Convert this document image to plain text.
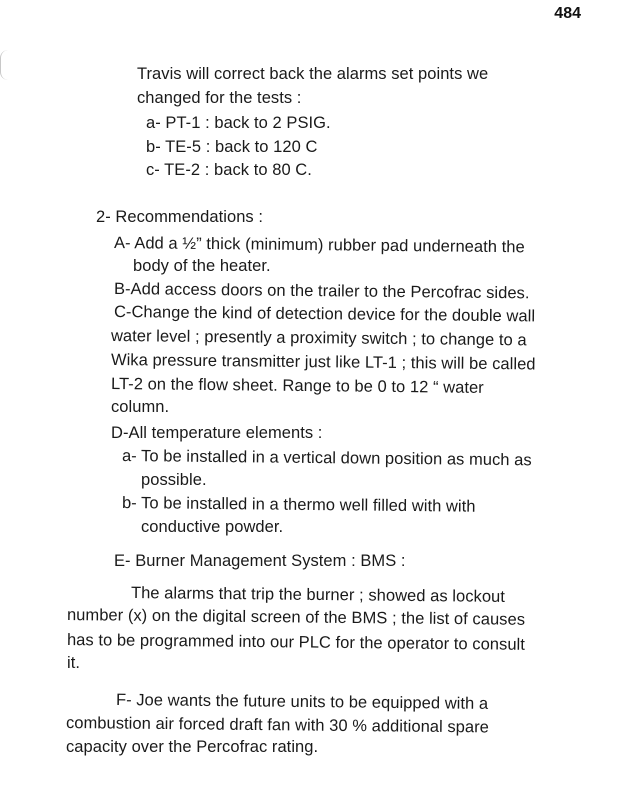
484
Travis will correct back the alarms set points we
changed for the tests :
a- PT-1 : back to 2 PSIG.
b- TE-5 : back to 120 C
c- TE-2 : back to 80 C.
2- Recommendations :
A- Add a ½” thick (minimum) rubber pad underneath the
body of the heater.
B-Add access doors on the trailer to the Percofrac sides.
C-Change the kind of detection device for the double wall
water level ; presently a proximity switch ; to change to a
Wika pressure transmitter just like LT-1 ; this will be called
LT-2 on the flow sheet. Range to be 0 to 12 “ water
column.
D-All temperature elements :
a- To be installed in a vertical down position as much as
possible.
b- To be installed in a thermo well filled with with
conductive powder.
E- Burner Management System : BMS :
The alarms that trip the burner ; showed as lockout
number (x) on the digital screen of the BMS ; the list of causes
has to be programmed into our PLC for the operator to consult
it.
F- Joe wants the future units to be equipped with a
combustion air forced draft fan with 30 % additional spare
capacity over the Percofrac rating.
